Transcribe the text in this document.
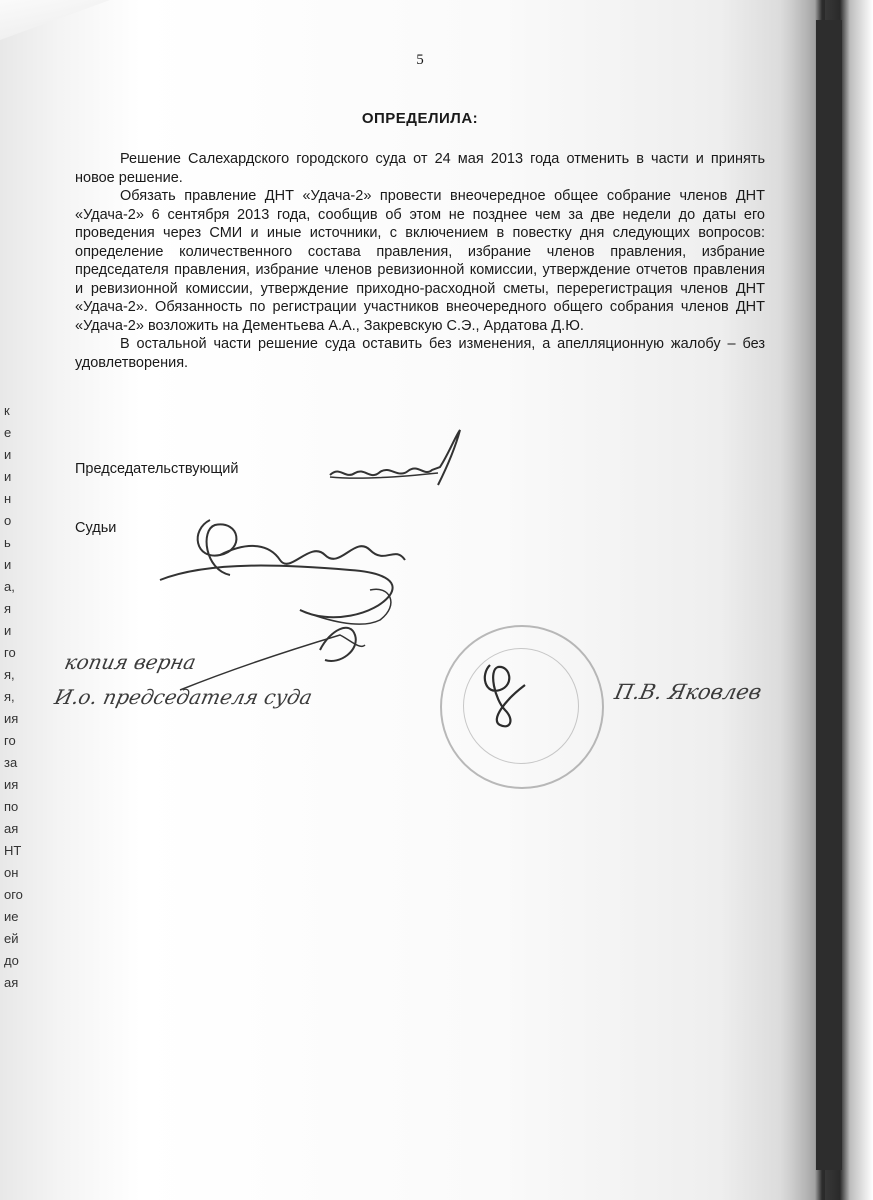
5
ОПРЕДЕЛИЛА:

Решение Салехардского городского суда от 24 мая 2013 года отменить в части и принять новое решение.

Обязать правление ДНТ «Удача-2» провести внеочередное общее собрание членов ДНТ «Удача-2» 6 сентября 2013 года, сообщив об этом не позднее чем за две недели до даты его проведения через СМИ и иные источники, с включением в повестку дня следующих вопросов: определение количественного состава правления, избрание членов правления, избрание председателя правления, избрание членов ревизионной комиссии, утверждение отчетов правления и ревизионной комиссии, утверждение приходно-расходной сметы, перерегистрация членов ДНТ «Удача-2». Обязанность по регистрации участников внеочередного общего собрания членов ДНТ «Удача-2» возложить на Дементьева А.А., Закревскую С.Э., Ардатова Д.Ю.

В остальной части решение суда оставить без изменения, а апелляционную жалобу – без удовлетворения.

Председательствующий
Судьи
к
е
и
и
н
о
ь
и
а,
я
и
го
я,
я,
ия
го
за
ия
по
ая
НТ
он
ого
ие
ей
до
ая
копия верна
И.о. председателя суда	П.В. Яковлев
